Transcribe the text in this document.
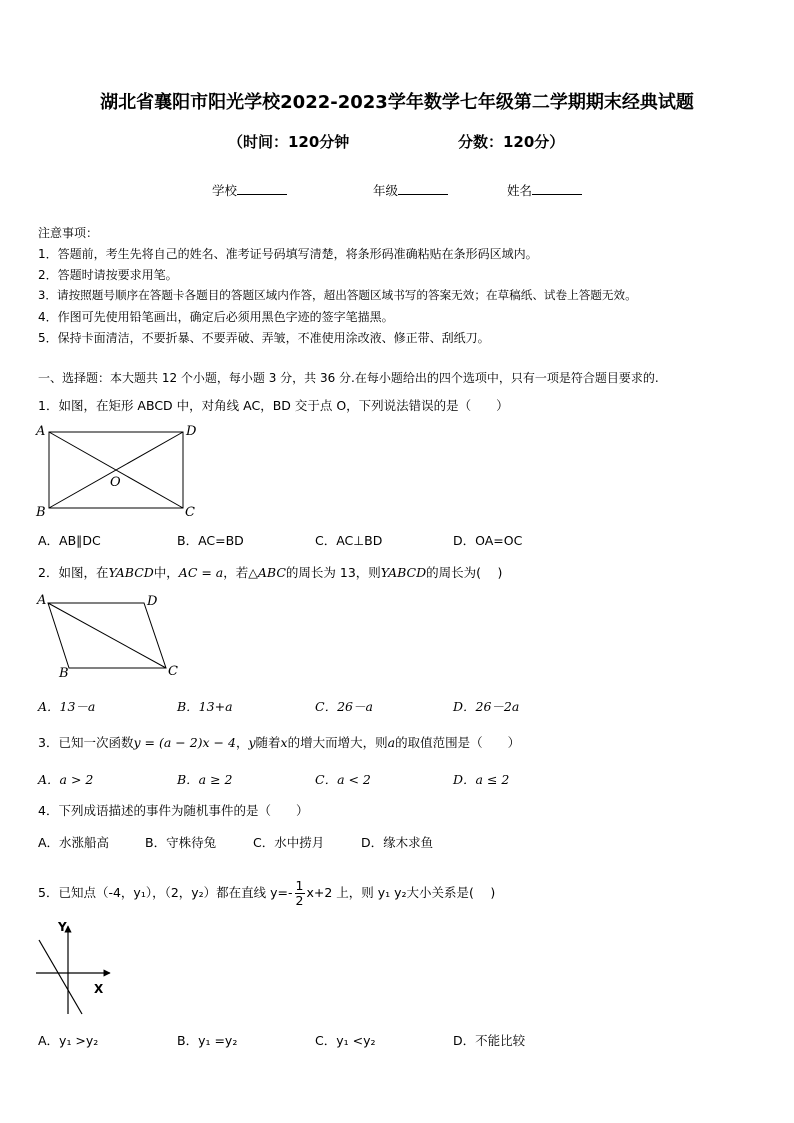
湖北省襄阳市阳光学校2022-2023学年数学七年级第二学期期末经典试题
（时间：120分钟	分数：120分）
学校	年级	姓名
注意事项：
1．答题前，考生先将自己的姓名、准考证号码填写清楚，将条形码准确粘贴在条形码区域内。
2．答题时请按要求用笔。
3．请按照题号顺序在答题卡各题目的答题区域内作答，超出答题区域书写的答案无效；在草稿纸、试卷上答题无效。
4．作图可先使用铅笔画出，确定后必须用黑色字迹的签字笔描黑。
5．保持卡面清洁，不要折暴、不要弄破、弄皱，不准使用涂改液、修正带、刮纸刀。
一、选择题：本大题共 12 个小题，每小题 3 分，共 36 分.在每小题给出的四个选项中，只有一项是符合题目要求的.
1．如图，在矩形 ABCD 中，对角线 AC，BD 交于点 O，下列说法错误的是（　　）
A	D
B	C
O
A．AB∥DC	B．AC=BD	C．AC⊥BD	D．OA=OC
2．如图，在YABCD中，AC = a，若△ABC的周长为 13，则YABCD的周长为(　 )
A	D
B	C
A．13－a	B．13+a	C．26－a	D．26－2a
3．已知一次函数y = (a − 2)x − 4，y随着x的增大而增大，则a的取值范围是（　　）
A．a > 2	B．a ≥ 2	C．a < 2	D．a ≤ 2
4．下列成语描述的事件为随机事件的是（　　）
A．水涨船高	B．守株待兔	C．水中捞月	D．缘木求鱼
5．已知点（-4，y₁），（2，y₂）都在直线 $y=- \frac{1}{2} x+2$ 上，则 y₁ y₂大小关系是(　 )
Y
X
A．y₁ >y₂	B．y₁ =y₂	C．y₁ <y₂	D．不能比较
